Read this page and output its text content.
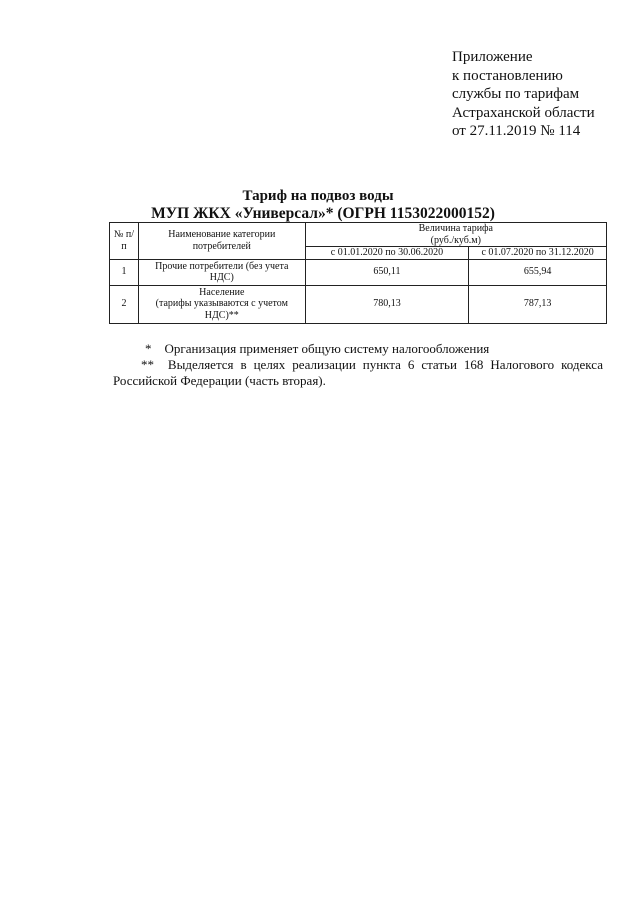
Приложение
к постановлению
службы по тарифам
Астраханской области
от 27.11.2019 № 114
Тариф на подвоз воды
МУП ЖКХ «Универсал»* (ОГРН 1153022000152)
№ п/п	Наименование категории потребителей	Величина тарифа
(руб./куб.м)	

		с 01.01.2020 по 30.06.2020	с 01.07.2020 по 31.12.2020
1	Прочие потребители (без учета
НДС)	650,11	655,94
2	Население
(тарифы указываются с учетом
НДС)**	780,13	787,13
* Организация применяет общую систему налогообложения
** Выделяется в целях реализации пункта 6 статьи 168 Налогового кодекса
Российской Федерации (часть вторая).
